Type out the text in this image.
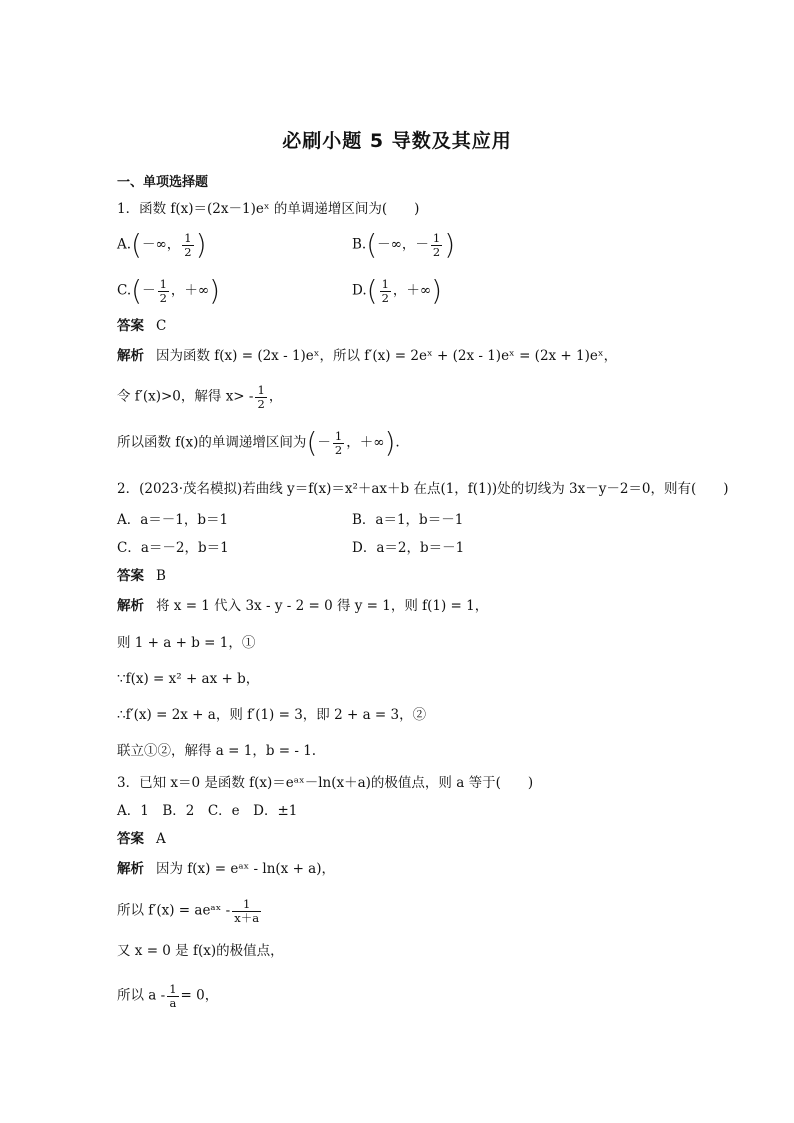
必刷小题 5 导数及其应用
一、单项选择题
1．函数 f(x)＝(2x－1)eˣ 的单调递增区间为(　　)
A.(－∞， $\frac{1}{2}$ )	B.(－∞，－ $\frac{1}{2}$ )
$C.(- \frac{1}{2}$ ，＋∞)	$D.( \frac{1}{2}$ ，＋∞)
答案 C
解析 因为函数 f(x) = (2x - 1)eˣ，所以 f′(x) = 2eˣ + (2x - 1)eˣ = (2x + 1)eˣ，
令 f′(x)>0，解得 $x> - \frac{1}{2}$ ，
所以函数 f(x)的单调递增区间为(－ $\frac{1}{2}$ ，＋∞).
2．(2023·茂名模拟)若曲线 y＝f(x)＝x²＋ax＋b 在点(1，f(1))处的切线为 3x－y－2＝0，则有(　　)
A．a＝－1，b＝1	B．a＝1，b＝－1
C．a＝－2，b＝1	D．a＝2，b＝－1
答案 B
解析 将 x = 1 代入 3x - y - 2 = 0 得 y = 1，则 f(1) = 1，
则 1 + a + b = 1，①
∵f(x) = x² + ax + b，
∴f′(x) = 2x + a，则 f′(1) = 3，即 2 + a = 3，②
联立①②，解得 a = 1，b = - 1.
3．已知 x＝0 是函数 f(x)＝eᵃˣ－ln(x＋a)的极值点，则 a 等于(　　)
A．1　B．2　C．e　D．±1
答案 A
解析 因为 f(x) = eᵃˣ - ln(x + a)，
所以 f′(x) = aeᵃˣ - $\frac{1}{x+a}$
又 x = 0 是 f(x)的极值点，
所以 $a - \frac{1}{a} = 0$，
